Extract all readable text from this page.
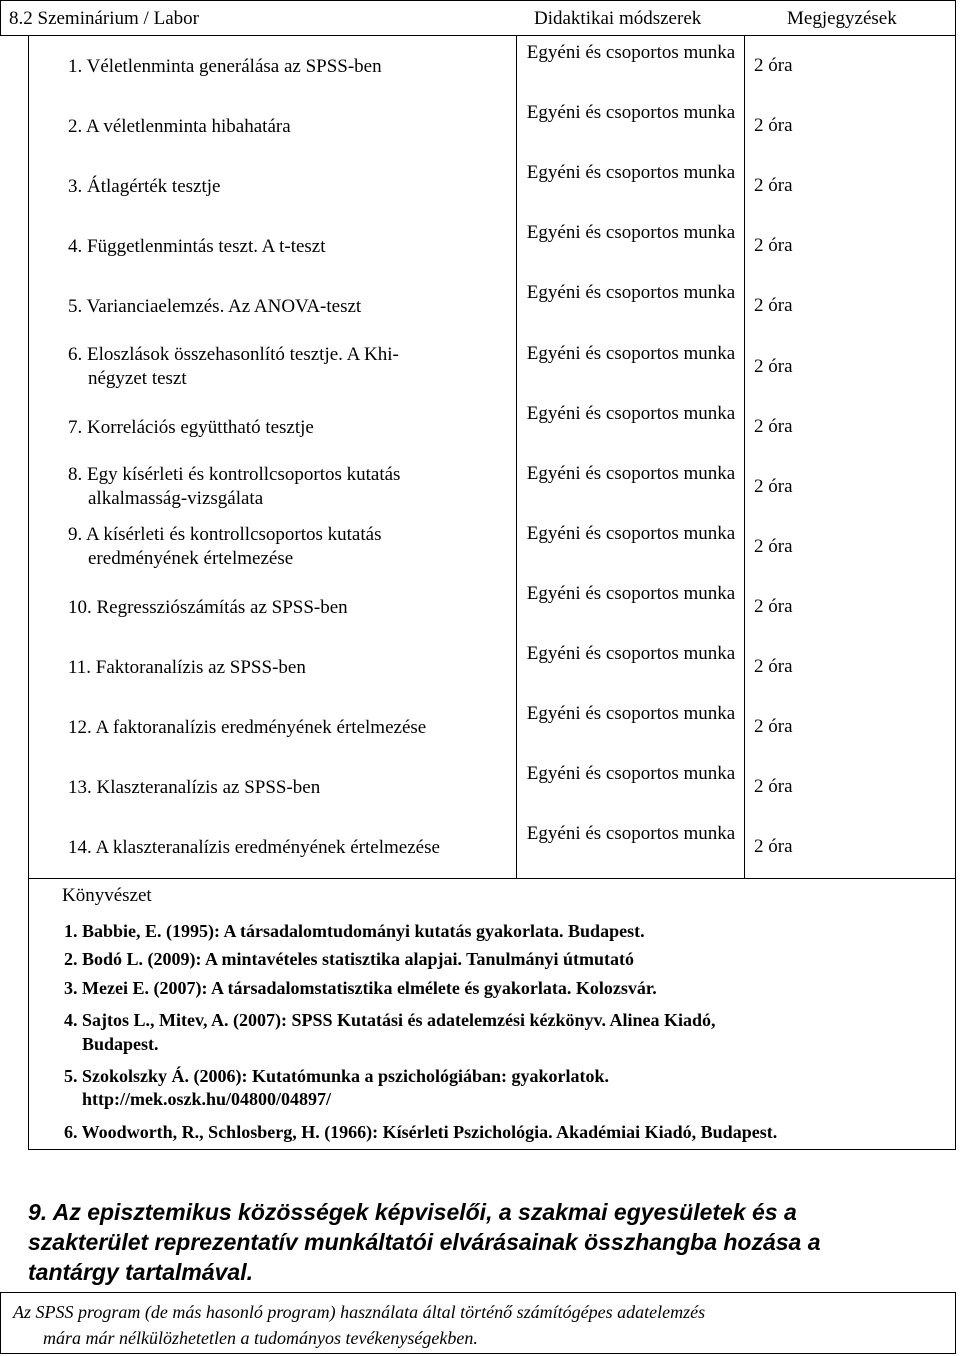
8.2 Szeminárium / Labor	Didaktikai módszerek	Megjegyzések
1. Véletlenminta generálása az SPSS-ben
Egyéni és csoportos munka
2 óra
2. A véletlenminta hibahatára
Egyéni és csoportos munka
2 óra
3. Átlagérték tesztje
Egyéni és csoportos munka
2 óra
4. Függetlenmintás teszt. A t-teszt
Egyéni és csoportos munka
2 óra
5. Varianciaelemzés. Az ANOVA-teszt
Egyéni és csoportos munka
2 óra
6. Eloszlások összehasonlító tesztje. A Khi-
négyzet teszt
Egyéni és csoportos munka
2 óra
7. Korrelációs együttható tesztje
Egyéni és csoportos munka
2 óra
8. Egy kísérleti és kontrollcsoportos kutatás
alkalmasság-vizsgálata
Egyéni és csoportos munka
2 óra
9. A kísérleti és kontrollcsoportos kutatás
eredményének értelmezése
Egyéni és csoportos munka
2 óra
10. Regressziószámítás az SPSS-ben
Egyéni és csoportos munka
2 óra
11. Faktoranalízis az SPSS-ben
Egyéni és csoportos munka
2 óra
12. A faktoranalízis eredményének értelmezése
Egyéni és csoportos munka
2 óra
13. Klaszteranalízis az SPSS-ben
Egyéni és csoportos munka
2 óra
14. A klaszteranalízis eredményének értelmezése
Egyéni és csoportos munka
2 óra
Könyvészet
1. Babbie, E. (1995): A társadalomtudományi kutatás gyakorlata. Budapest.
2. Bodó L. (2009): A mintavételes statisztika alapjai. Tanulmányi útmutató
3. Mezei E. (2007): A társadalomstatisztika elmélete és gyakorlata. Kolozsvár.
4. Sajtos L., Mitev, A. (2007): SPSS Kutatási és adatelemzési kézkönyv. Alinea Kiadó,
Budapest.
5. Szokolszky Á. (2006): Kutatómunka a pszichológiában: gyakorlatok.
http://mek.oszk.hu/04800/04897/
6. Woodworth, R., Schlosberg, H. (1966): Kísérleti Pszichológia. Akadémiai Kiadó, Budapest.
9. Az episztemikus közösségek képviselői, a szakmai egyesületek és a
szakterület reprezentatív munkáltatói elvárásainak összhangba hozása a
tantárgy tartalmával.
Az SPSS program (de más hasonló program) használata által történő számítógépes adatelemzés
mára már nélkülözhetetlen a tudományos tevékenységekben.
